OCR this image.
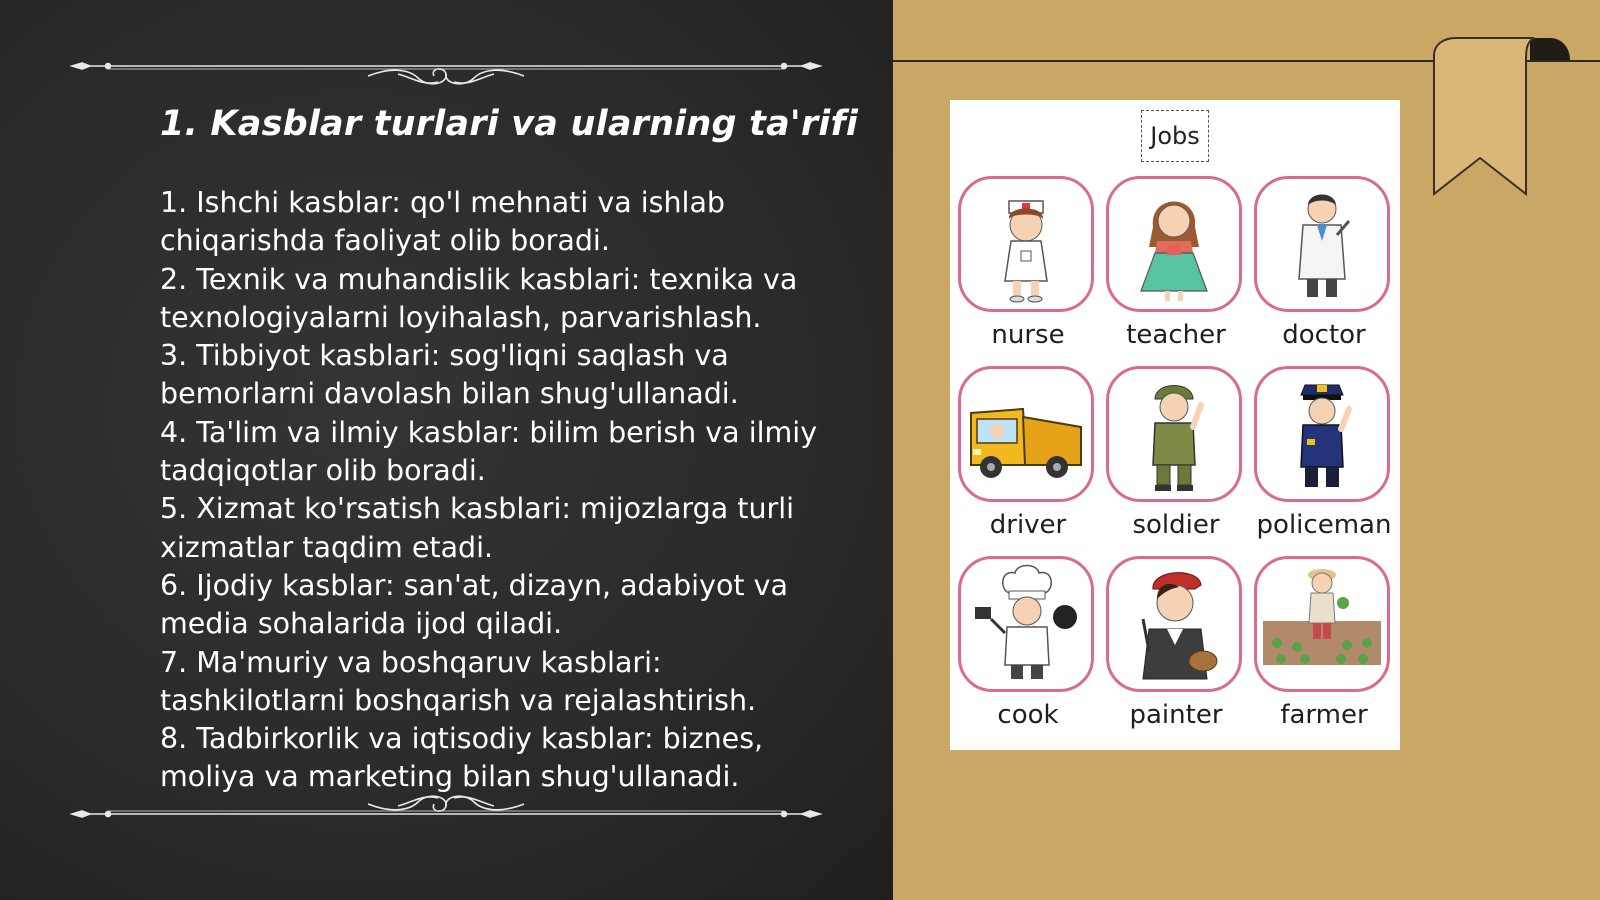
1. Kasblar turlari va ularning ta'rifi

1. Ishchi kasblar: qo'l mehnati va ishlab chiqarishda faoliyat olib boradi.

2. Texnik va muhandislik kasblari: texnika va texnologiyalarni loyihalash, parvarishlash.

3. Tibbiyot kasblari: sog'liqni saqlash va bemorlarni davolash bilan shug'ullanadi.

4. Ta'lim va ilmiy kasblar: bilim berish va ilmiy tadqiqotlar olib boradi.

5. Xizmat ko'rsatish kasblari: mijozlarga turli xizmatlar taqdim etadi.

6. Ijodiy kasblar: san'at, dizayn, adabiyot va media sohalarida ijod qiladi.

7. Ma'muriy va boshqaruv kasblari: tashkilotlarni boshqarish va rejalashtirish.

8. Tadbirkorlik va iqtisodiy kasblar: biznes, moliya va marketing bilan shug'ullanadi.

Jobs
nurse	teacher	doctor
driver	soldier	policeman
cook	painter	farmer
